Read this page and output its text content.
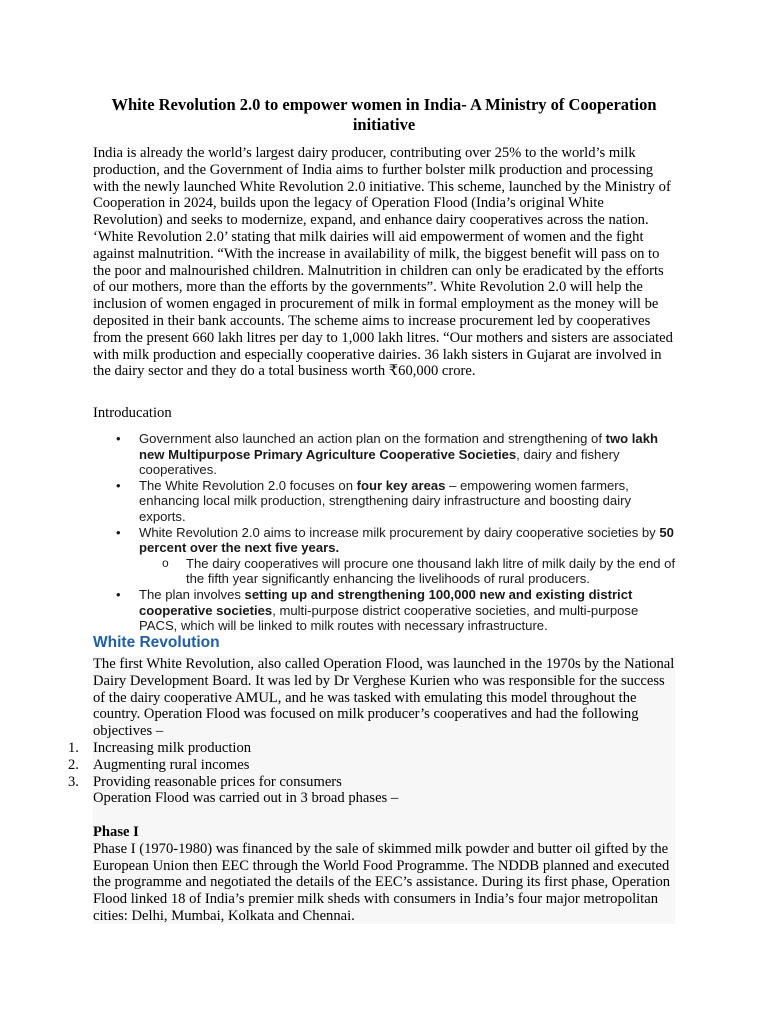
White Revolution 2.0 to empower women in India- A Ministry of Cooperation initiative

India is already the world’s largest dairy producer, contributing over 25% to the world’s milk production, and the Government of India aims to further bolster milk production and processing with the newly launched White Revolution 2.0 initiative. This scheme, launched by the Ministry of Cooperation in 2024, builds upon the legacy of Operation Flood (India’s original White Revolution) and seeks to modernize, expand, and enhance dairy cooperatives across the nation. ‘White Revolution 2.0’ stating that milk dairies will aid empowerment of women and the fight against malnutrition. “With the increase in availability of milk, the biggest benefit will pass on to the poor and malnourished children. Malnutrition in children can only be eradicated by the efforts of our mothers, more than the efforts by the governments”. White Revolution 2.0 will help the inclusion of women engaged in procurement of milk in formal employment as the money will be deposited in their bank accounts. The scheme aims to increase procurement led by cooperatives from the present 660 lakh litres per day to 1,000 lakh litres. “Our mothers and sisters are associated with milk production and especially cooperative dairies. 36 lakh sisters in Gujarat are involved in the dairy sector and they do a total business worth ₹60,000 crore.

Introducation

• Government also launched an action plan on the formation and strengthening of two lakh new Multipurpose Primary Agriculture Cooperative Societies, dairy and fishery cooperatives.
• The White Revolution 2.0 focuses on four key areas – empowering women farmers, enhancing local milk production, strengthening dairy infrastructure and boosting dairy exports.
• White Revolution 2.0 aims to increase milk procurement by dairy cooperative societies by 50 percent over the next five years.
o The dairy cooperatives will procure one thousand lakh litre of milk daily by the end of the fifth year significantly enhancing the livelihoods of rural producers.
• The plan involves setting up and strengthening 100,000 new and existing district cooperative societies, multi-purpose district cooperative societies, and multi-purpose PACS, which will be linked to milk routes with necessary infrastructure.
White Revolution

The first White Revolution, also called Operation Flood, was launched in the 1970s by the National Dairy Development Board. It was led by Dr Verghese Kurien who was responsible for the success of the dairy cooperative AMUL, and he was tasked with emulating this model throughout the country. Operation Flood was focused on milk producer’s cooperatives and had the following objectives –

1. Increasing milk production
2. Augmenting rural incomes
3. Providing reasonable prices for consumers

Operation Flood was carried out in 3 broad phases –

Phase I

Phase I (1970-1980) was financed by the sale of skimmed milk powder and butter oil gifted by the European Union then EEC through the World Food Programme. The NDDB planned and executed the programme and negotiated the details of the EEC’s assistance. During its first phase, Operation Flood linked 18 of India’s premier milk sheds with consumers in India’s four major metropolitan cities: Delhi, Mumbai, Kolkata and Chennai.
